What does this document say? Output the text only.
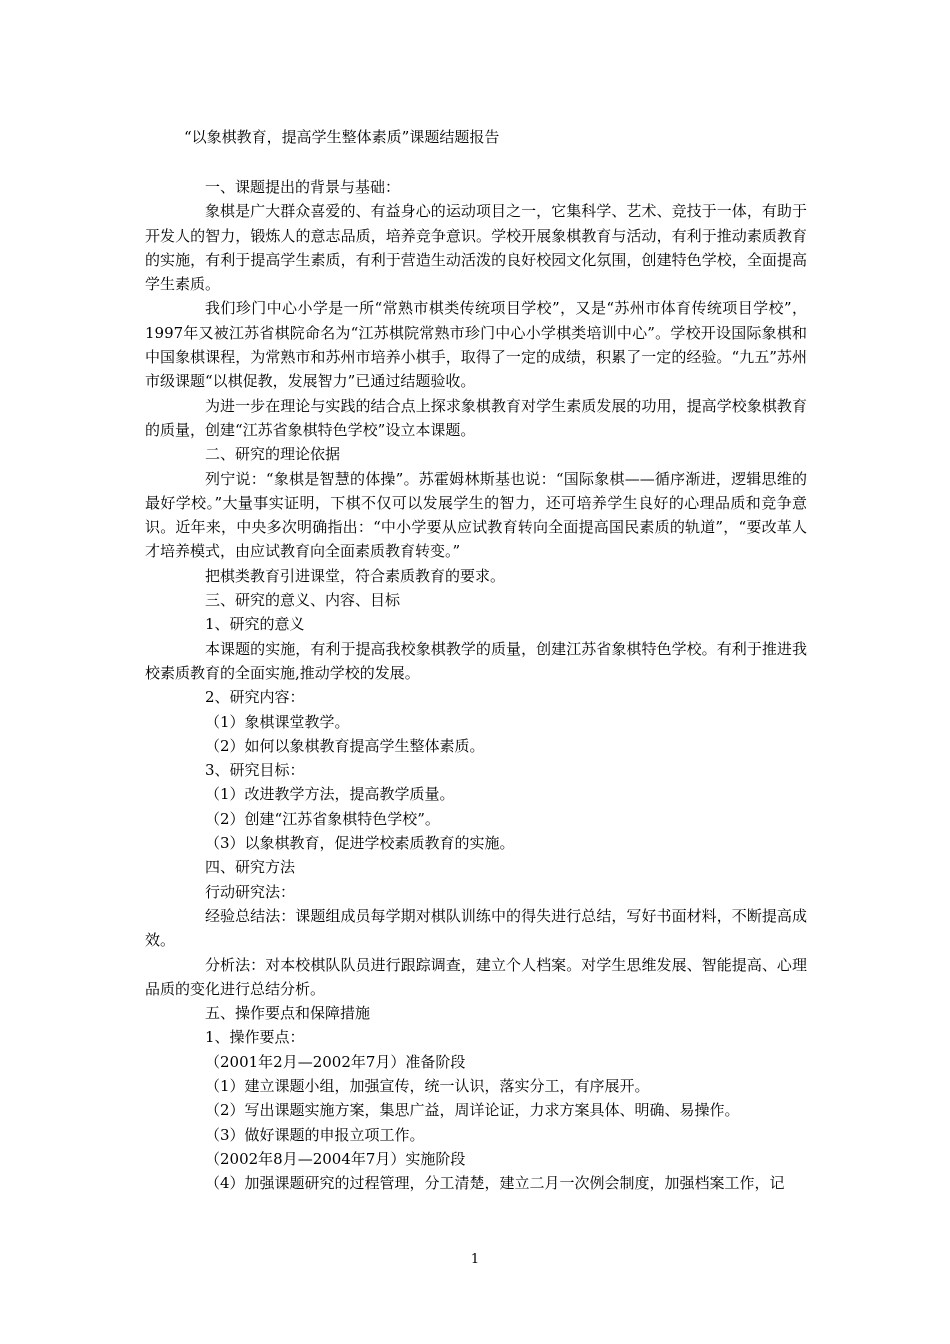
“以象棋教育，提高学生整体素质”课题结题报告

一、课题提出的背景与基础：

象棋是广大群众喜爱的、有益身心的运动项目之一，它集科学、艺术、竞技于一体，有助于开发人的智力，锻炼人的意志品质，培养竞争意识。学校开展象棋教育与活动，有利于推动素质教育的实施，有利于提高学生素质，有利于营造生动活泼的良好校园文化氛围，创建特色学校，全面提高学生素质。

我们珍门中心小学是一所“常熟市棋类传统项目学校”，又是“苏州市体育传统项目学校”，1997年又被江苏省棋院命名为“江苏棋院常熟市珍门中心小学棋类培训中心”。学校开设国际象棋和中国象棋课程，为常熟市和苏州市培养小棋手，取得了一定的成绩，积累了一定的经验。“九五”苏州市级课题“以棋促教，发展智力”已通过结题验收。

为进一步在理论与实践的结合点上探求象棋教育对学生素质发展的功用，提高学校象棋教育的质量，创建“江苏省象棋特色学校”设立本课题。

二、研究的理论依据

列宁说：“象棋是智慧的体操”。苏霍姆林斯基也说：“国际象棋——循序渐进，逻辑思维的最好学校。”大量事实证明，下棋不仅可以发展学生的智力，还可培养学生良好的心理品质和竞争意识。近年来，中央多次明确指出：“中小学要从应试教育转向全面提高国民素质的轨道”，“要改革人才培养模式，由应试教育向全面素质教育转变。”

把棋类教育引进课堂，符合素质教育的要求。

三、研究的意义、内容、目标

1、研究的意义

本课题的实施，有利于提高我校象棋教学的质量，创建江苏省象棋特色学校。有利于推进我校素质教育的全面实施,推动学校的发展。

2、研究内容：

（1）象棋课堂教学。

（2）如何以象棋教育提高学生整体素质。

3、研究目标：

（1）改进教学方法，提高教学质量。

（2）创建“江苏省象棋特色学校”。

（3）以象棋教育，促进学校素质教育的实施。

四、研究方法

行动研究法：

经验总结法：课题组成员每学期对棋队训练中的得失进行总结，写好书面材料，不断提高成效。

分析法：对本校棋队队员进行跟踪调查，建立个人档案。对学生思维发展、智能提高、心理品质的变化进行总结分析。

五、操作要点和保障措施

1、操作要点：

（2001年2月—2002年7月）准备阶段

（1）建立课题小组，加强宣传，统一认识，落实分工，有序展开。

（2）写出课题实施方案，集思广益，周详论证，力求方案具体、明确、易操作。

（3）做好课题的申报立项工作。

（2002年8月—2004年7月）实施阶段

（4）加强课题研究的过程管理，分工清楚，建立二月一次例会制度，加强档案工作，记

1
